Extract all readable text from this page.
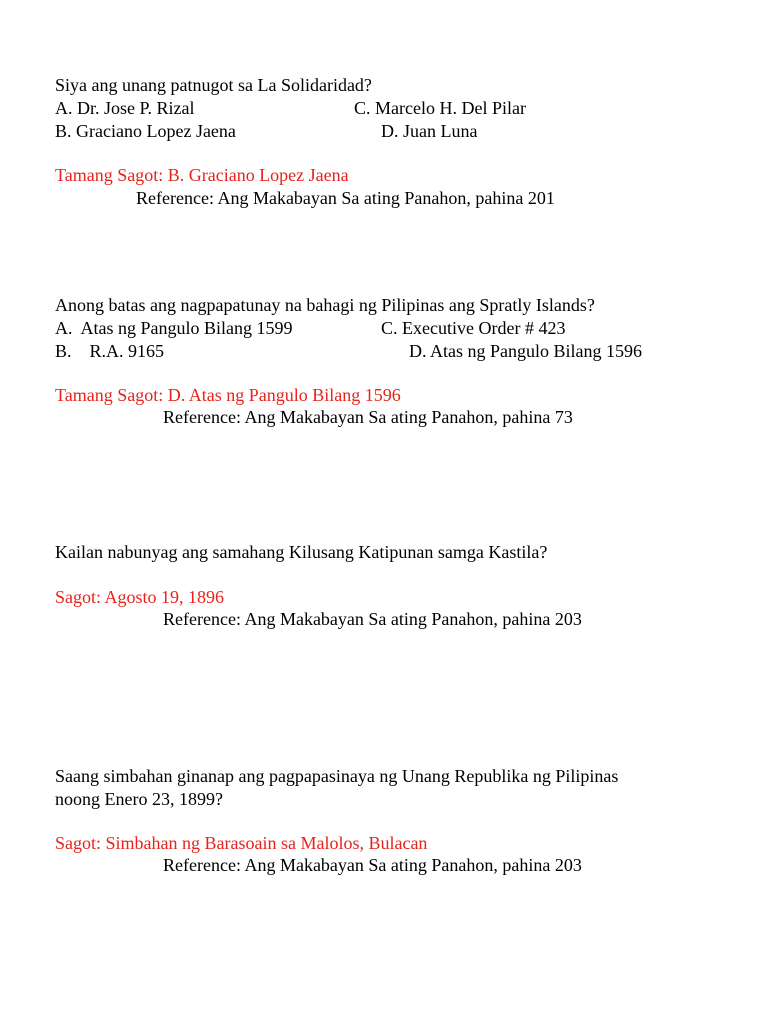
Siya ang unang patnugot sa La Solidaridad?
A. Dr. Jose P. Rizal	C. Marcelo H. Del Pilar
B. Graciano Lopez Jaena	D. Juan Luna
Tamang Sagot: B. Graciano Lopez Jaena
Reference: Ang Makabayan Sa ating Panahon, pahina 201
Anong batas ang nagpapatunay na bahagi ng Pilipinas ang Spratly Islands?
A.  Atas ng Pangulo Bilang 1599	C. Executive Order # 423
B.    R.A. 9165	D. Atas ng Pangulo Bilang 1596
Tamang Sagot: D. Atas ng Pangulo Bilang 1596
Reference: Ang Makabayan Sa ating Panahon, pahina 73
Kailan nabunyag ang samahang Kilusang Katipunan samga Kastila?
Sagot: Agosto 19, 1896
Reference: Ang Makabayan Sa ating Panahon, pahina 203
Saang simbahan ginanap ang pagpapasinaya ng Unang Republika ng Pilipinas
noong Enero 23, 1899?
Sagot: Simbahan ng Barasoain sa Malolos, Bulacan
Reference: Ang Makabayan Sa ating Panahon, pahina 203
